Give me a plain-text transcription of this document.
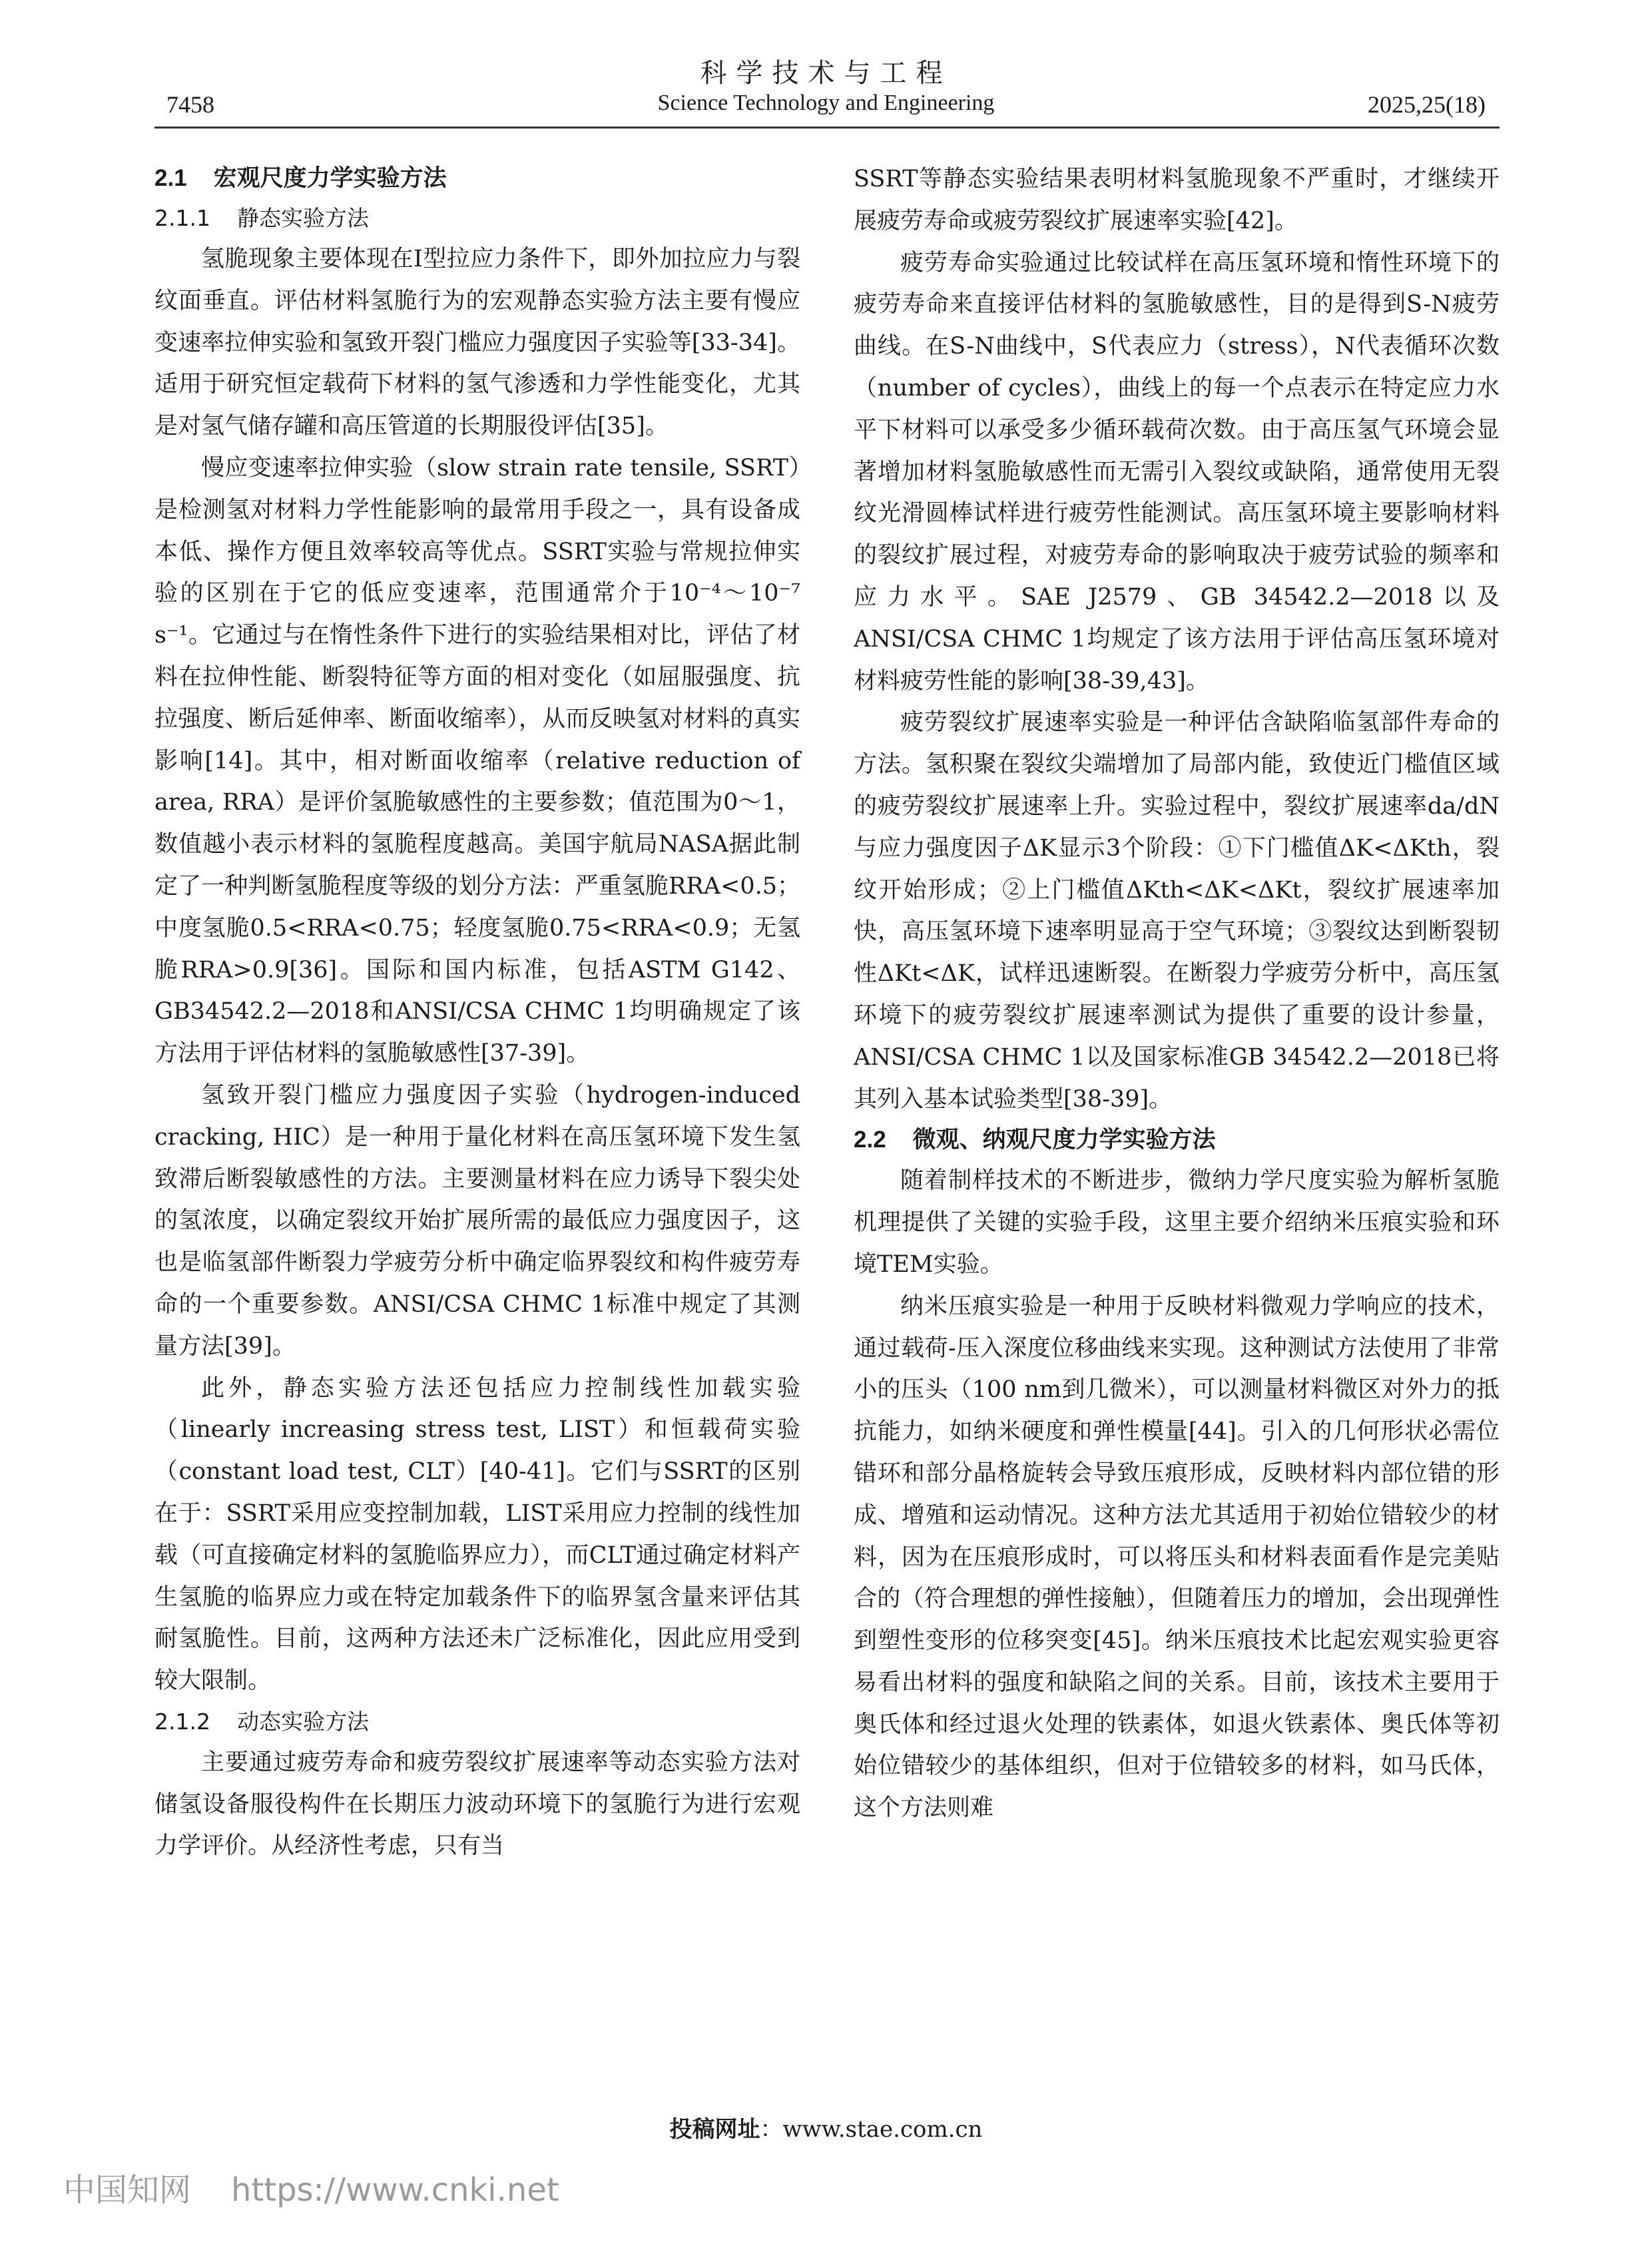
科学技术与工程
7458	Science Technology and Engineering	2025,25(18)
2.1 宏观尺度力学实验方法
2.1.1 静态实验方法

氢脆现象主要体现在Ⅰ型拉应力条件下，即外加拉应力与裂纹面垂直。评估材料氢脆行为的宏观静态实验方法主要有慢应变速率拉伸实验和氢致开裂门槛应力强度因子实验等[33-34]。适用于研究恒定载荷下材料的氢气渗透和力学性能变化，尤其是对氢气储存罐和高压管道的长期服役评估[35]。

慢应变速率拉伸实验（slow strain rate tensile, SSRT）是检测氢对材料力学性能影响的最常用手段之一，具有设备成本低、操作方便且效率较高等优点。SSRT实验与常规拉伸实验的区别在于它的低应变速率，范围通常介于10⁻⁴～10⁻⁷ s⁻¹。它通过与在惰性条件下进行的实验结果相对比，评估了材料在拉伸性能、断裂特征等方面的相对变化（如屈服强度、抗拉强度、断后延伸率、断面收缩率），从而反映氢对材料的真实影响[14]。其中，相对断面收缩率（relative reduction of area, RRA）是评价氢脆敏感性的主要参数；值范围为0～1，数值越小表示材料的氢脆程度越高。美国宇航局NASA据此制定了一种判断氢脆程度等级的划分方法：严重氢脆RRA<0.5；中度氢脆0.5<RRA<0.75；轻度氢脆0.75<RRA<0.9；无氢脆RRA>0.9[36]。国际和国内标准，包括ASTM G142、GB34542.2—2018和ANSI/CSA CHMC 1均明确规定了该方法用于评估材料的氢脆敏感性[37-39]。

氢致开裂门槛应力强度因子实验（hydrogen-induced cracking, HIC）是一种用于量化材料在高压氢环境下发生氢致滞后断裂敏感性的方法。主要测量材料在应力诱导下裂尖处的氢浓度，以确定裂纹开始扩展所需的最低应力强度因子，这也是临氢部件断裂力学疲劳分析中确定临界裂纹和构件疲劳寿命的一个重要参数。ANSI/CSA CHMC 1标准中规定了其测量方法[39]。

此外，静态实验方法还包括应力控制线性加载实验（linearly increasing stress test, LIST）和恒载荷实验（constant load test, CLT）[40-41]。它们与SSRT的区别在于：SSRT采用应变控制加载，LIST采用应力控制的线性加载（可直接确定材料的氢脆临界应力），而CLT通过确定材料产生氢脆的临界应力或在特定加载条件下的临界氢含量来评估其耐氢脆性。目前，这两种方法还未广泛标准化，因此应用受到较大限制。

2.1.2 动态实验方法

主要通过疲劳寿命和疲劳裂纹扩展速率等动态实验方法对储氢设备服役构件在长期压力波动环境下的氢脆行为进行宏观力学评价。从经济性考虑，只有当

SSRT等静态实验结果表明材料氢脆现象不严重时，才继续开展疲劳寿命或疲劳裂纹扩展速率实验[42]。

疲劳寿命实验通过比较试样在高压氢环境和惰性环境下的疲劳寿命来直接评估材料的氢脆敏感性，目的是得到S-N疲劳曲线。在S-N曲线中，S代表应力（stress），N代表循环次数（number of cycles），曲线上的每一个点表示在特定应力水平下材料可以承受多少循环载荷次数。由于高压氢气环境会显著增加材料氢脆敏感性而无需引入裂纹或缺陷，通常使用无裂纹光滑圆棒试样进行疲劳性能测试。高压氢环境主要影响材料的裂纹扩展过程，对疲劳寿命的影响取决于疲劳试验的频率和应力水平。SAE J2579、GB 34542.2—2018以及ANSI/CSA CHMC 1均规定了该方法用于评估高压氢环境对材料疲劳性能的影响[38-39,43]。

疲劳裂纹扩展速率实验是一种评估含缺陷临氢部件寿命的方法。氢积聚在裂纹尖端增加了局部内能，致使近门槛值区域的疲劳裂纹扩展速率上升。实验过程中，裂纹扩展速率da/dN与应力强度因子ΔK显示3个阶段：①下门槛值ΔK<ΔKth，裂纹开始形成；②上门槛值ΔKth<ΔK<ΔKt，裂纹扩展速率加快，高压氢环境下速率明显高于空气环境；③裂纹达到断裂韧性ΔKt<ΔK，试样迅速断裂。在断裂力学疲劳分析中，高压氢环境下的疲劳裂纹扩展速率测试为提供了重要的设计参量，ANSI/CSA CHMC 1以及国家标准GB 34542.2—2018已将其列入基本试验类型[38-39]。

2.2 微观、纳观尺度力学实验方法

随着制样技术的不断进步，微纳力学尺度实验为解析氢脆机理提供了关键的实验手段，这里主要介绍纳米压痕实验和环境TEM实验。

纳米压痕实验是一种用于反映材料微观力学响应的技术，通过载荷-压入深度位移曲线来实现。这种测试方法使用了非常小的压头（100 nm到几微米），可以测量材料微区对外力的抵抗能力，如纳米硬度和弹性模量[44]。引入的几何形状必需位错环和部分晶格旋转会导致压痕形成，反映材料内部位错的形成、增殖和运动情况。这种方法尤其适用于初始位错较少的材料，因为在压痕形成时，可以将压头和材料表面看作是完美贴合的（符合理想的弹性接触），但随着压力的增加，会出现弹性到塑性变形的位移突变[45]。纳米压痕技术比起宏观实验更容易看出材料的强度和缺陷之间的关系。目前，该技术主要用于奥氏体和经过退火处理的铁素体，如退火铁素体、奥氏体等初始位错较少的基体组织，但对于位错较多的材料，如马氏体，这个方法则难

投稿网址：www.stae.com.cn
中国知网 https://www.cnki.net
